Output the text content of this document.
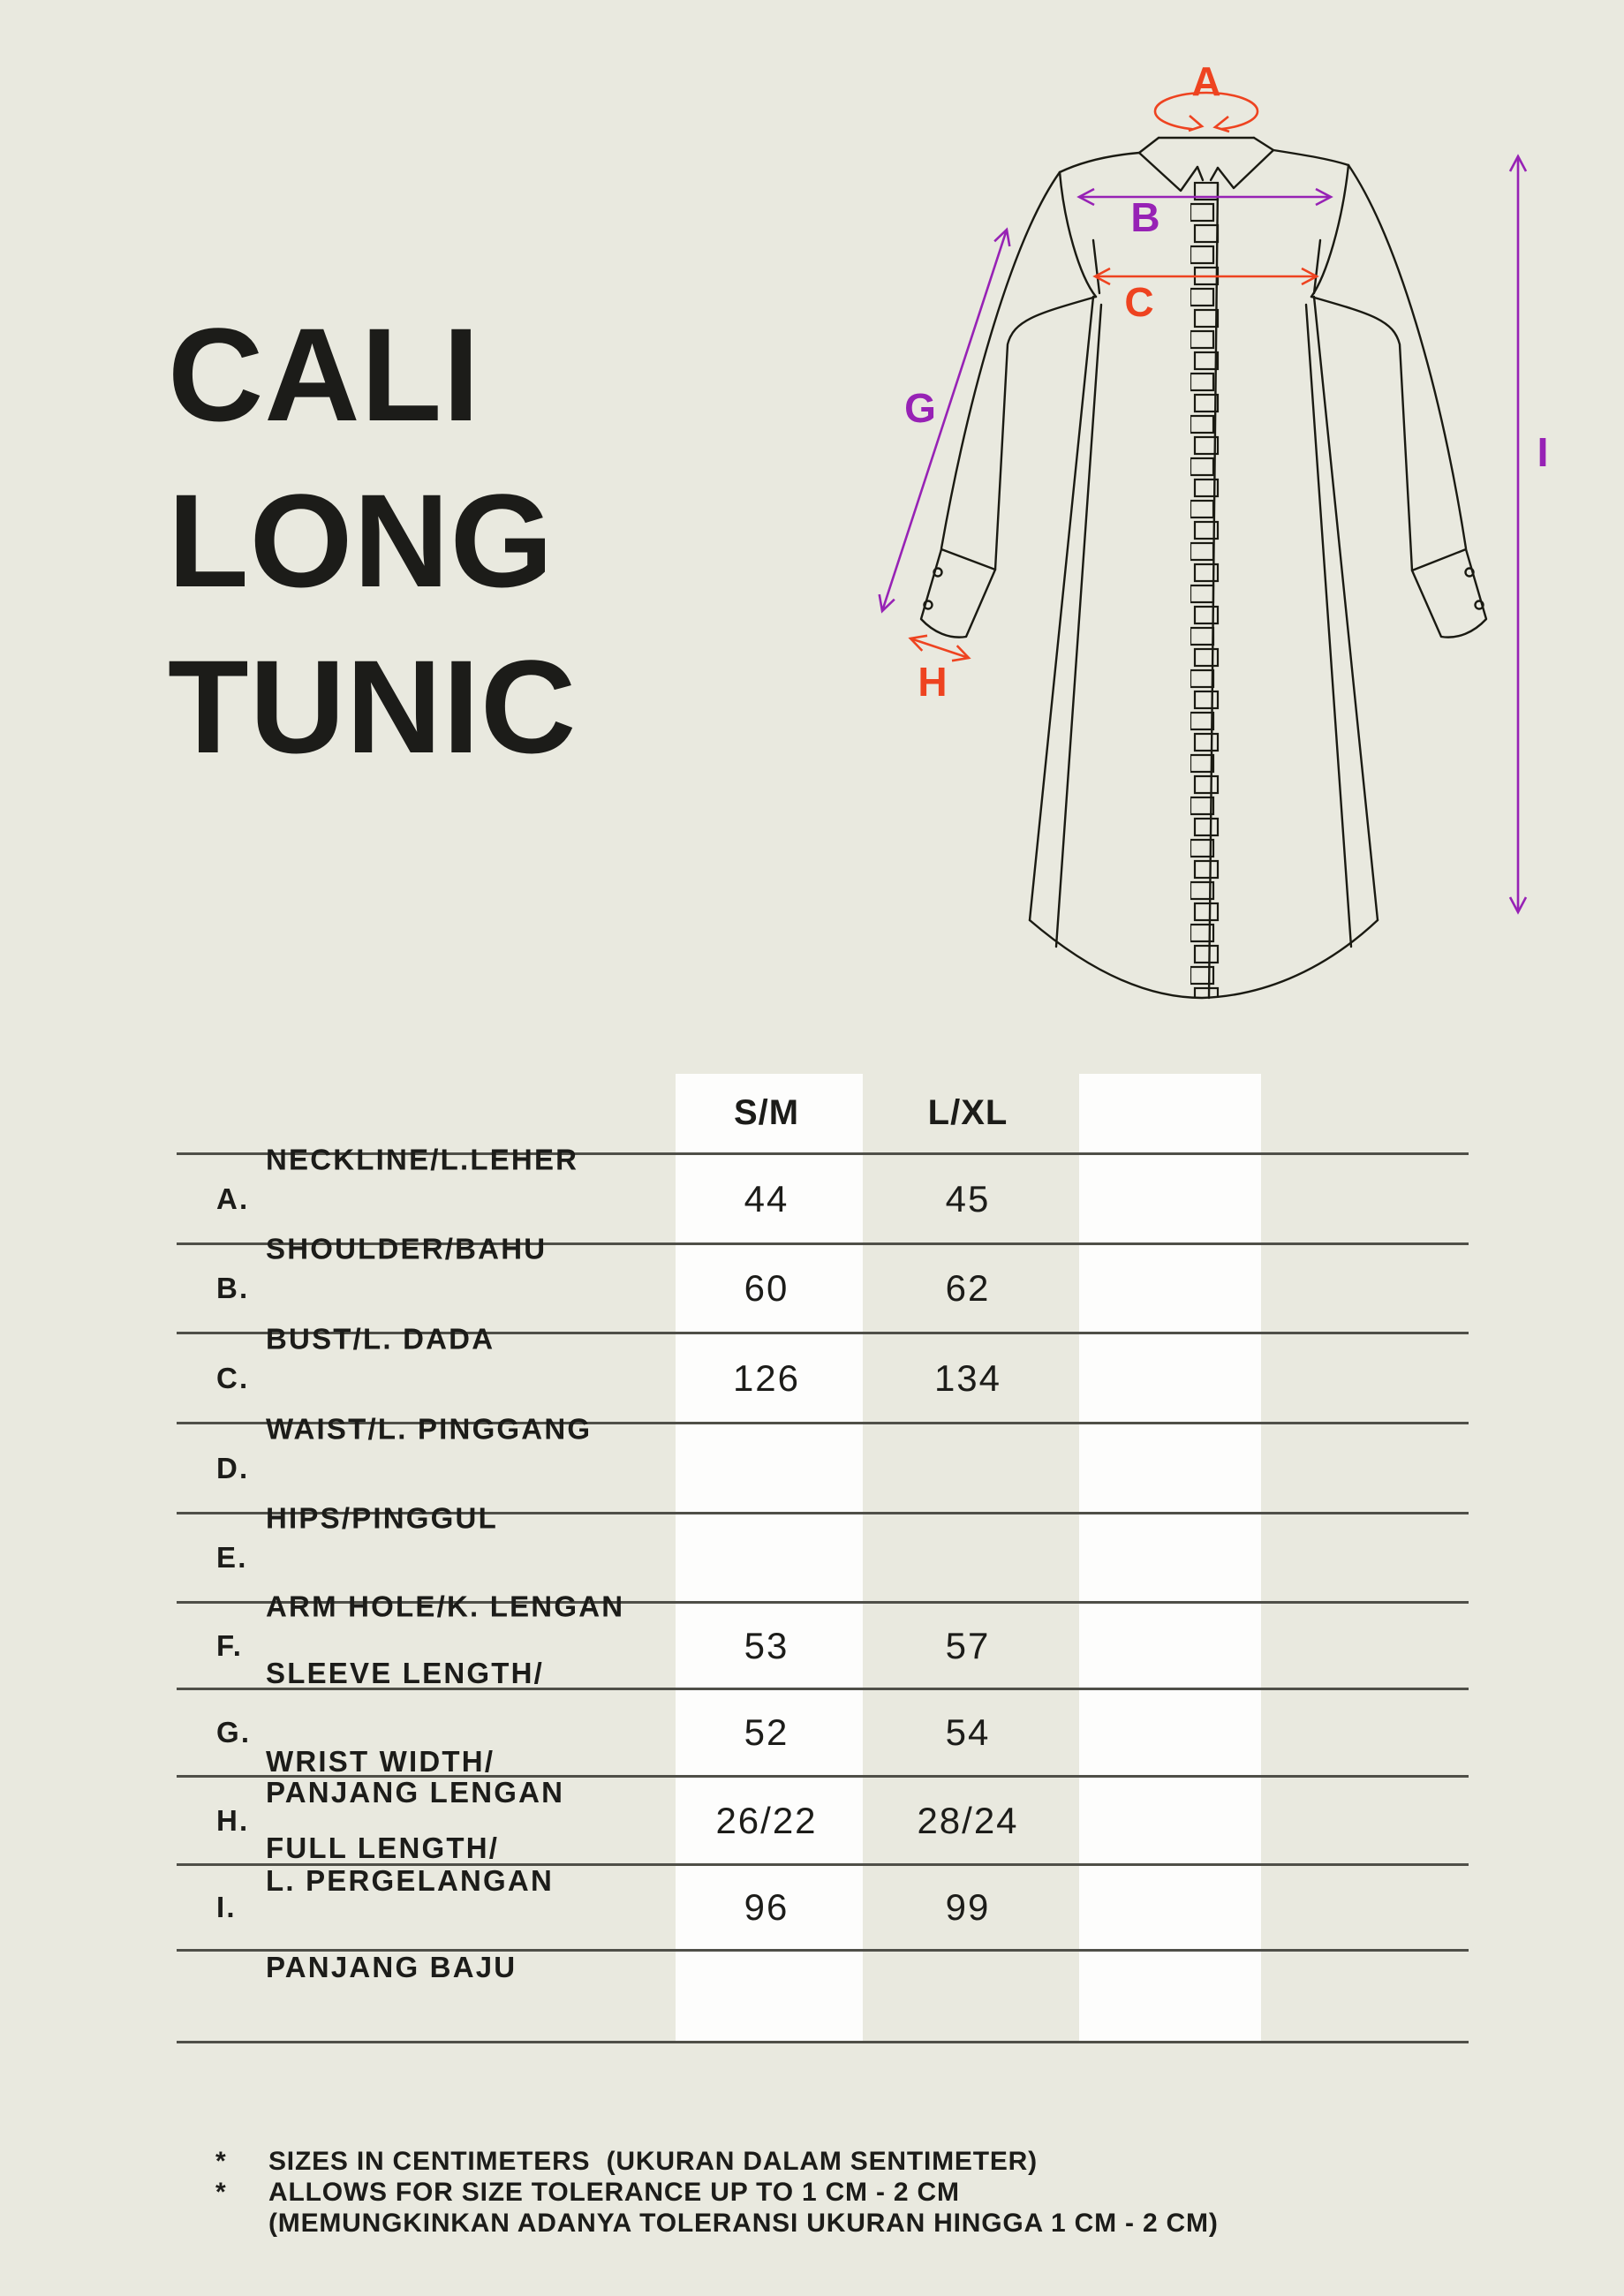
CALI
LONG
TUNIC
A
B
C
G
H
I
S/M	L/XL
A.

NECKLINE/L.LEHER

44	45
B.

SHOULDER/BAHU

60	62
C.

BUST/L. DADA

126	134
D.

WAIST/L. PINGGANG

E.

HIPS/PINGGUL

F.

ARM HOLE/K. LENGAN

53	57
G.

SLEEVE LENGTH/

PANJANG LENGAN

52	54
H.

WRIST WIDTH/

L. PERGELANGAN

26/22	28/24
I.

FULL LENGTH/

PANJANG BAJU

96	99

*	SIZES IN CENTIMETERS  (UKURAN DALAM SENTIMETER)
*	ALLOWS FOR SIZE TOLERANCE UP TO 1 CM - 2 CM
(MEMUNGKINKAN ADANYA TOLERANSI UKURAN HINGGA 1 CM - 2 CM)
